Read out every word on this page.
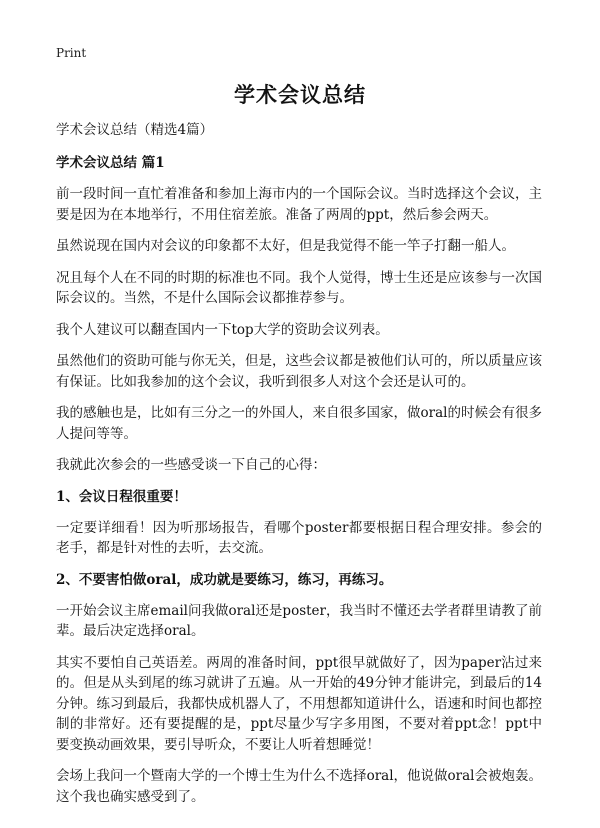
Print
学术会议总结
学术会议总结（精选4篇）
学术会议总结 篇1

前一段时间一直忙着准备和参加上海市内的一个国际会议。当时选择这个会议，主要是因为在本地举行，不用住宿差旅。准备了两周的ppt，然后参会两天。

虽然说现在国内对会议的印象都不太好，但是我觉得不能一竿子打翻一船人。

况且每个人在不同的时期的标准也不同。我个人觉得，博士生还是应该参与一次国际会议的。当然，不是什么国际会议都推荐参与。

我个人建议可以翻查国内一下top大学的资助会议列表。

虽然他们的资助可能与你无关，但是，这些会议都是被他们认可的，所以质量应该有保证。比如我参加的这个会议，我听到很多人对这个会还是认可的。

我的感触也是，比如有三分之一的外国人，来自很多国家，做oral的时候会有很多人提问等等。

我就此次参会的一些感受谈一下自己的心得：

1、会议日程很重要！

一定要详细看！因为听那场报告，看哪个poster都要根据日程合理安排。参会的老手，都是针对性的去听，去交流。

2、不要害怕做oral，成功就是要练习，练习，再练习。

一开始会议主席email问我做oral还是poster，我当时不懂还去学者群里请教了前辈。最后决定选择oral。

其实不要怕自己英语差。两周的准备时间，ppt很早就做好了，因为paper沾过来的。但是从头到尾的练习就讲了五遍。从一开始的49分钟才能讲完，到最后的14分钟。练习到最后，我都快成机器人了，不用想都知道讲什么，语速和时间也都控制的非常好。还有要提醒的是，ppt尽量少写字多用图，不要对着ppt念！ppt中要变换动画效果，要引导听众，不要让人听着想睡觉！

会场上我问一个暨南大学的一个博士生为什么不选择oral，他说做oral会被炮轰。这个我也确实感受到了。
